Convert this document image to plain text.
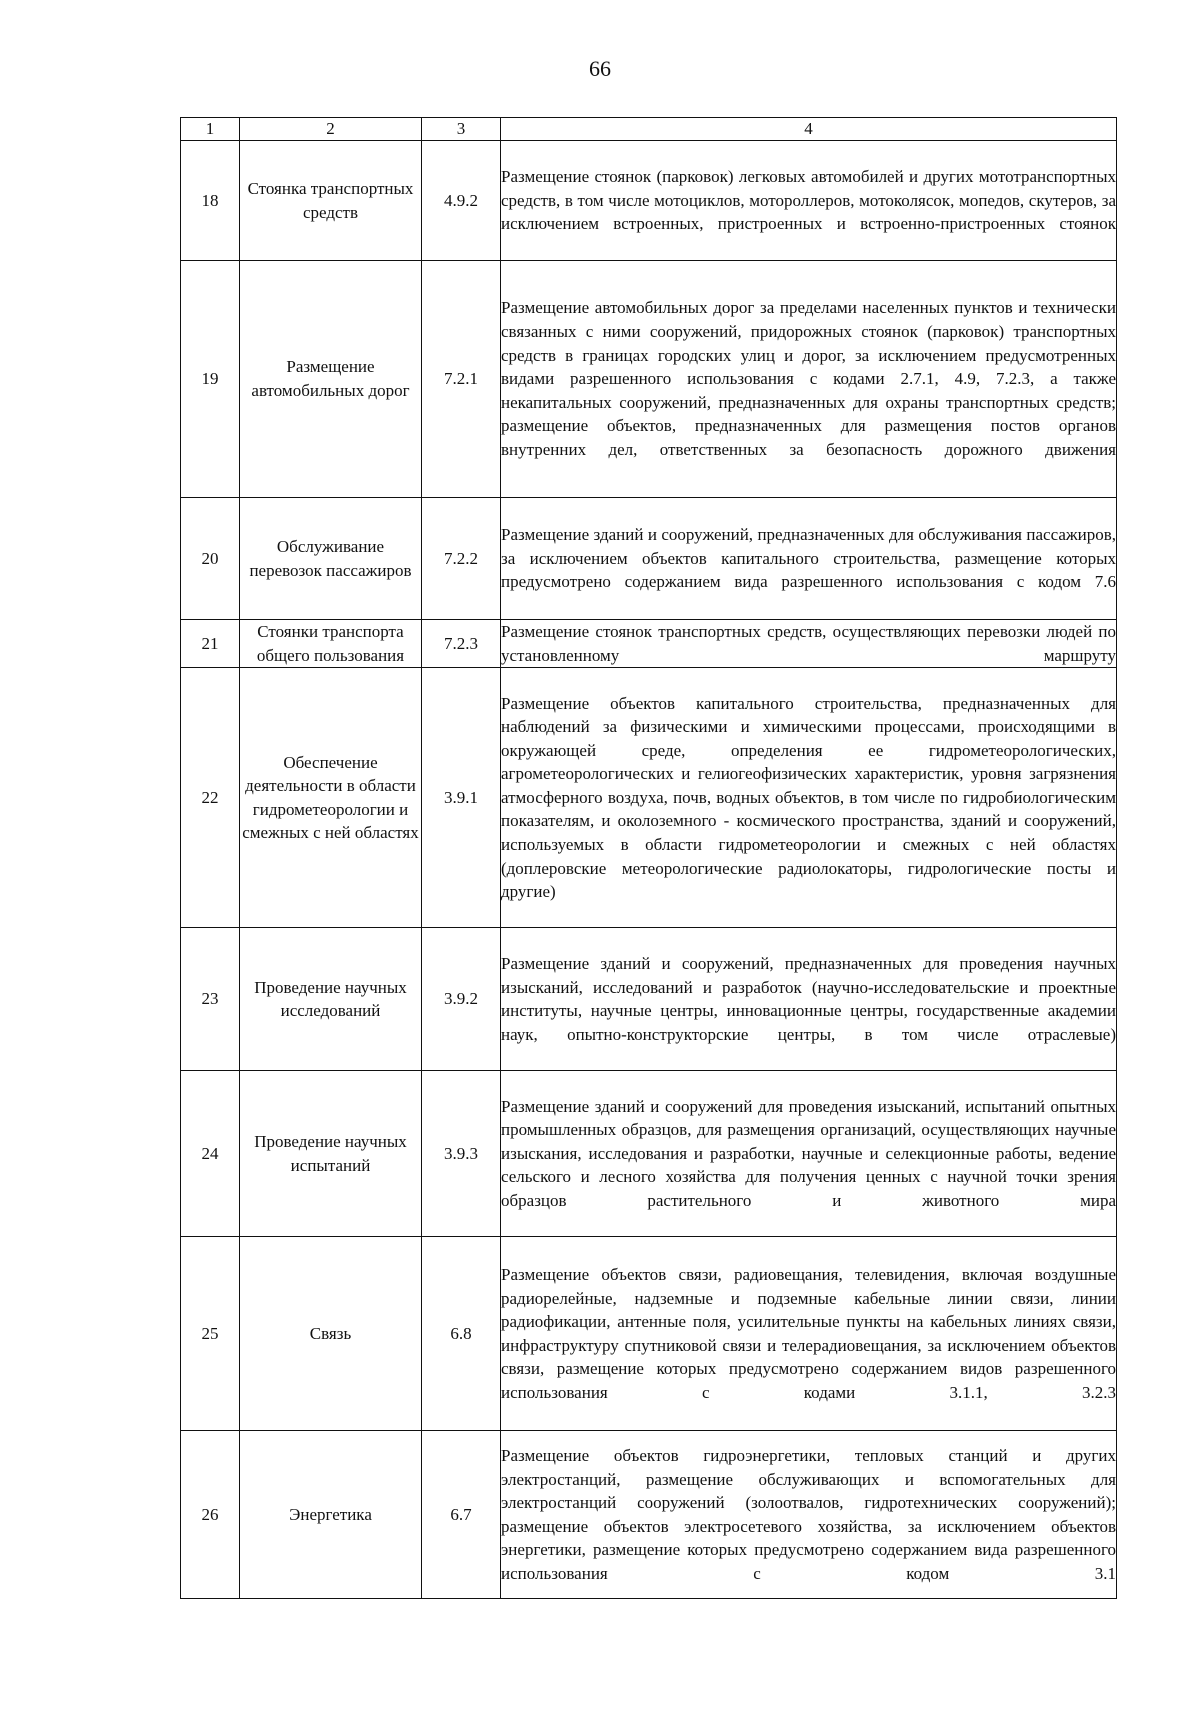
66
1	2	3	4
18	Стоянка транспортных средств	4.9.2	Размещение стоянок (парковок) легковых автомобилей и других мототранспортных средств, в том числе мотоциклов, мотороллеров, мотоколясок, мопедов, скутеров, за исключением встроенных, пристроенных и встроенно-пристроенных стоянок
19	Размещение автомобильных дорог	7.2.1	Размещение автомобильных дорог за пределами населенных пунктов и технически связанных с ними сооружений, придорожных стоянок (парковок) транспортных средств в границах городских улиц и дорог, за исключением предусмотренных видами разрешенного использования с кодами 2.7.1, 4.9, 7.2.3, а также некапитальных сооружений, предназначенных для охраны транспортных средств; размещение объектов, предназначенных для размещения постов органов внутренних дел, ответственных за безопасность дорожного движения
20	Обслуживание перевозок пассажиров	7.2.2	Размещение зданий и сооружений, предназначенных для обслуживания пассажиров, за исключением объектов капитального строительства, размещение которых предусмотрено содержанием вида разрешенного использования с кодом 7.6
21	Стоянки транспорта общего пользования	7.2.3	Размещение стоянок транспортных средств, осуществляющих перевозки людей по установленному маршруту
22	Обеспечение деятельности в области гидрометеорологии и смежных с ней областях	3.9.1	Размещение объектов капитального строительства, предназначенных для наблюдений за физическими и химическими процессами, происходящими в окружающей среде, определения ее гидрометеорологических, агрометеорологических и гелиогеофизических характеристик, уровня загрязнения атмосферного воздуха, почв, водных объектов, в том числе по гидробиологическим показателям, и околоземного - космического пространства, зданий и сооружений, используемых в области гидрометеорологии и смежных с ней областях (доплеровские метеорологические радиолокаторы, гидрологические посты и другие)
23	Проведение научных исследований	3.9.2	Размещение зданий и сооружений, предназначенных для проведения научных изысканий, исследований и разработок (научно-исследовательские и проектные институты, научные центры, инновационные центры, государственные академии наук, опытно-конструкторские центры, в том числе отраслевые)
24	Проведение научных испытаний	3.9.3	Размещение зданий и сооружений для проведения изысканий, испытаний опытных промышленных образцов, для размещения организаций, осуществляющих научные изыскания, исследования и разработки, научные и селекционные работы, ведение сельского и лесного хозяйства для получения ценных с научной точки зрения образцов растительного и животного мира
25	Связь	6.8	Размещение объектов связи, радиовещания, телевидения, включая воздушные радиорелейные, надземные и подземные кабельные линии связи, линии радиофикации, антенные поля, усилительные пункты на кабельных линиях связи, инфраструктуру спутниковой связи и телерадиовещания, за исключением объектов связи, размещение которых предусмотрено содержанием видов разрешенного использования с кодами 3.1.1, 3.2.3
26	Энергетика	6.7	Размещение объектов гидроэнергетики, тепловых станций и других электростанций, размещение обслуживающих и вспомогательных для электростанций сооружений (золоотвалов, гидротехнических сооружений); размещение объектов электросетевого хозяйства, за исключением объектов энергетики, размещение которых предусмотрено содержанием вида разрешенного использования с кодом 3.1
